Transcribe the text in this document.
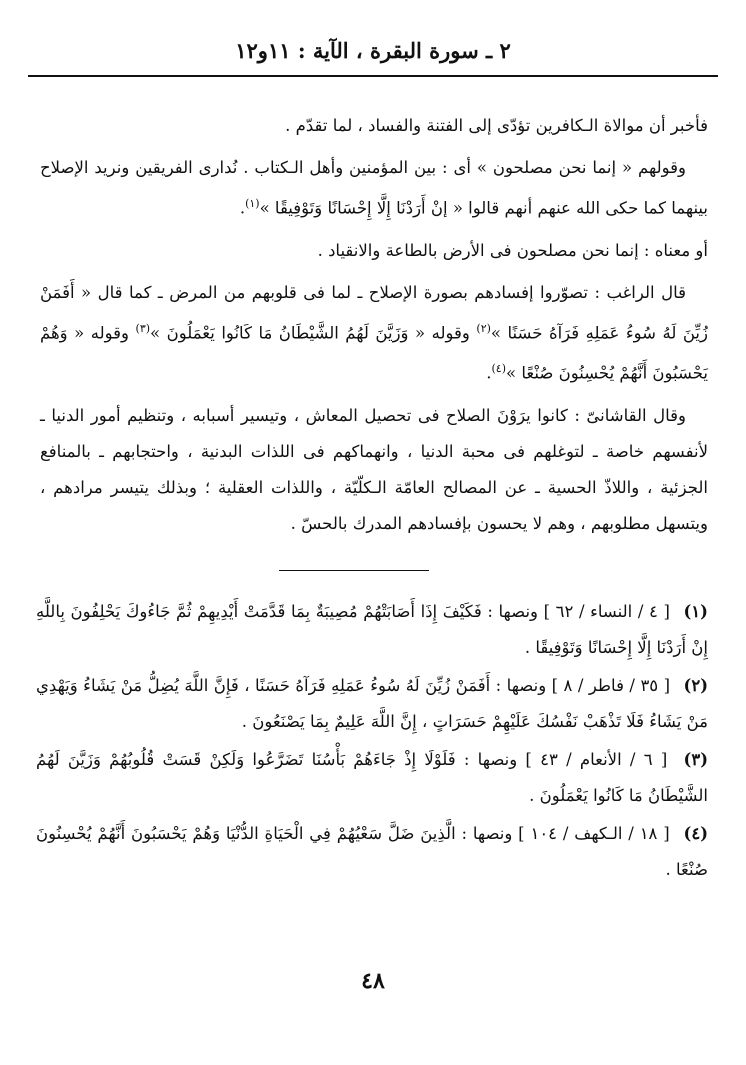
٢ ـ سورة البقرة ، الآية : ١١و١٢

فأخبر أن موالاة الـكافرين تؤدّى إلى الفتنة والفساد ، لما تقدّم .

وقولهم « إنما نحن مصلحون » أى : بين المؤمنين وأهل الـكتاب . نُدارى الفريقين ونريد الإصلاح بينهما كما حكى الله عنهم أنهم قالوا « إنْ أَرَدْنَا إِلَّا إِحْسَانًا وَتَوْفِيقًا »$^{(١)}$.

أو معناه : إنما نحن مصلحون فى الأرض بالطاعة والانقياد .

قال الراغب : تصوّروا إفسادهم بصورة الإصلاح ـ لما فى قلوبهم من المرض ـ كما قال « أَفَمَنْ زُيِّنَ لَهُ سُوءُ عَمَلِهِ فَرَآهُ حَسَنًا »$^{(٢)}$ وقوله « وَزَيَّنَ لَهُمُ الشَّيْطَانُ مَا كَانُوا يَعْمَلُونَ »$^{(٣)}$ وقوله « وَهُمْ يَحْسَبُونَ أَنَّهُمْ يُحْسِنُونَ صُنْعًا »$^{(٤)}$.

وقال القاشانىّ : كانوا يرَوْنَ الصلاح فى تحصيل المعاش ، وتيسير أسبابه ، وتنظيم أمور الدنيا ـ لأنفسهم خاصة ـ لتوغلهم فى محبة الدنيا ، وانهماكهم فى اللذات البدنية ، واحتجابهم ـ بالمنافع الجزئية ، واللاذّ الحسية ـ عن المصالح العامّة الـكلّيّة ، واللذات العقلية ؛ وبذلك يتيسر مرادهم ، ويتسهل مطلوبهم ، وهم لا يحسون بإفسادهم المدرك بالحسّ .

(١) [ ٤ / النساء / ٦٢ ] ونصها : فَكَيْفَ إِذَا أَصَابَتْهُمْ مُصِيبَةٌ بِمَا قَدَّمَتْ أَيْدِيهِمْ ثُمَّ جَاءُوكَ يَحْلِفُونَ بِاللَّهِ إِنْ أَرَدْنَا إِلَّا إِحْسَانًا وَتَوْفِيقًا .
(٢) [ ٣٥ / فاطر / ٨ ] ونصها : أَفَمَنْ زُيِّنَ لَهُ سُوءُ عَمَلِهِ فَرَآهُ حَسَنًا ، فَإِنَّ اللَّهَ يُضِلُّ مَنْ يَشَاءُ وَيَهْدِي مَنْ يَشَاءُ فَلَا تَذْهَبْ نَفْسُكَ عَلَيْهِمْ حَسَرَاتٍ ، إِنَّ اللَّهَ عَلِيمٌ بِمَا يَصْنَعُونَ .
(٣) [ ٦ / الأنعام / ٤٣ ] ونصها : فَلَوْلَا إِذْ جَاءَهُمْ بَأْسُنَا تَضَرَّعُوا وَلَكِنْ قَسَتْ قُلُوبُهُمْ وَزَيَّنَ لَهُمُ الشَّيْطَانُ مَا كَانُوا يَعْمَلُونَ .
(٤) [ ١٨ / الـكهف / ١٠٤ ] ونصها : الَّذِينَ ضَلَّ سَعْيُهُمْ فِي الْحَيَاةِ الدُّنْيَا وَهُمْ يَحْسَبُونَ أَنَّهُمْ يُحْسِنُونَ صُنْعًا .
٤٨
